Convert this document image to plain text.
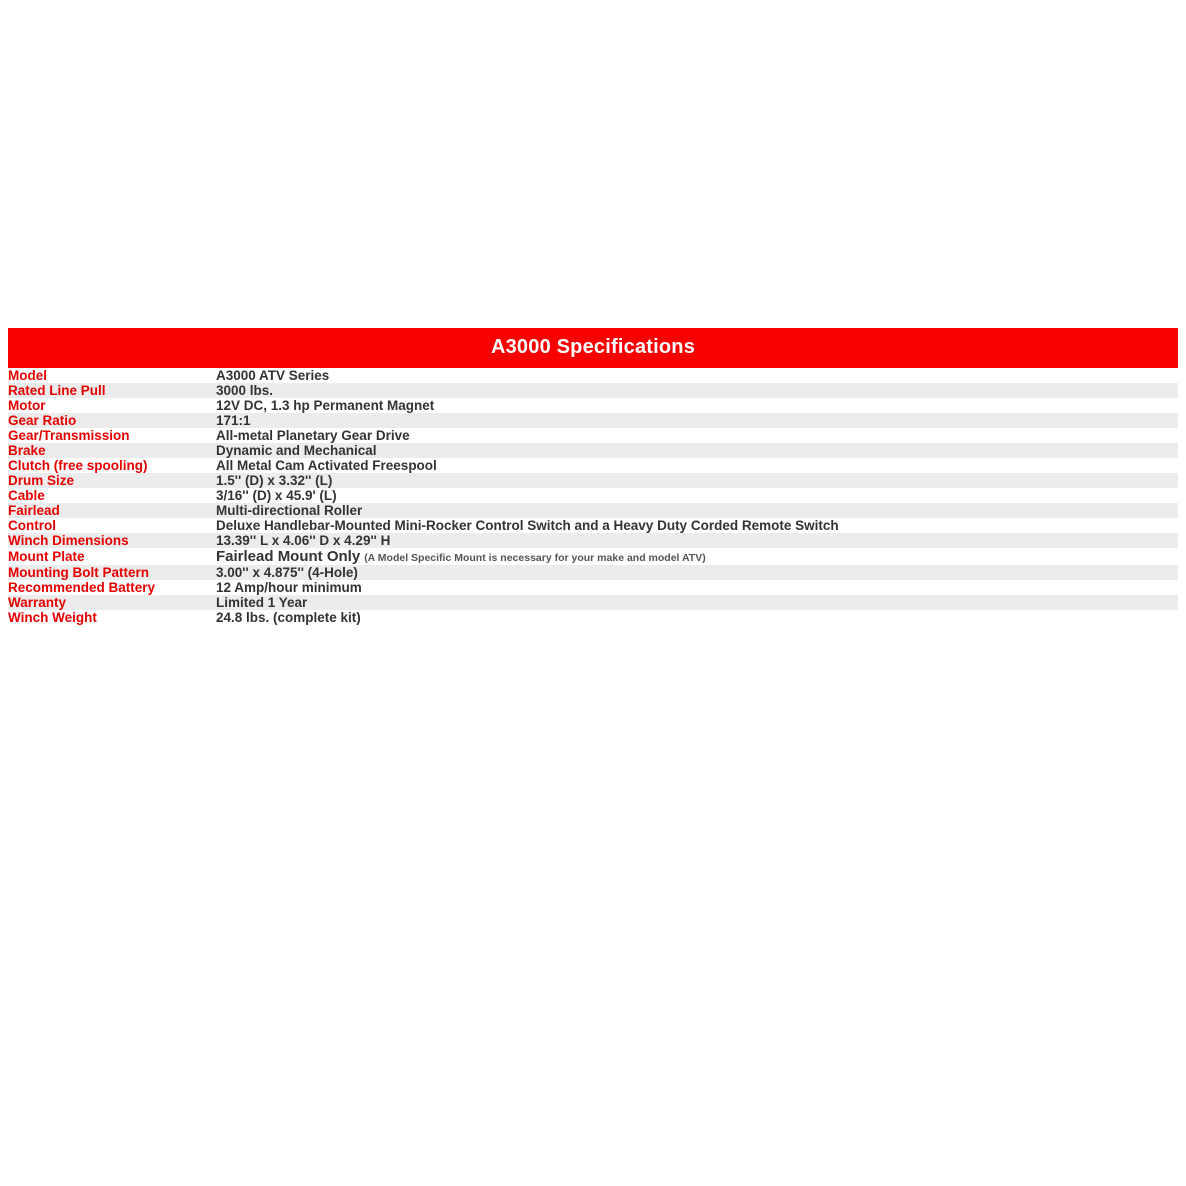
A3000 Specifications
Model	A3000 ATV Series
Rated Line Pull	3000 lbs.
Motor	12V DC, 1.3 hp Permanent Magnet
Gear Ratio	171:1
Gear/Transmission	All-metal Planetary Gear Drive
Brake	Dynamic and Mechanical
Clutch (free spooling)	All Metal Cam Activated Freespool
Drum Size	1.5'' (D) x 3.32'' (L)
Cable	3/16'' (D) x 45.9' (L)
Fairlead	Multi-directional Roller
Control	Deluxe Handlebar-Mounted Mini-Rocker Control Switch and a Heavy Duty Corded Remote Switch
Winch Dimensions	13.39'' L x 4.06'' D x 4.29'' H
Mount Plate	Fairlead Mount Only (A Model Specific Mount is necessary for your make and model ATV)
Mounting Bolt Pattern	3.00'' x 4.875'' (4-Hole)
Recommended Battery	12 Amp/hour minimum
Warranty	Limited 1 Year
Winch Weight	24.8 lbs. (complete kit)
